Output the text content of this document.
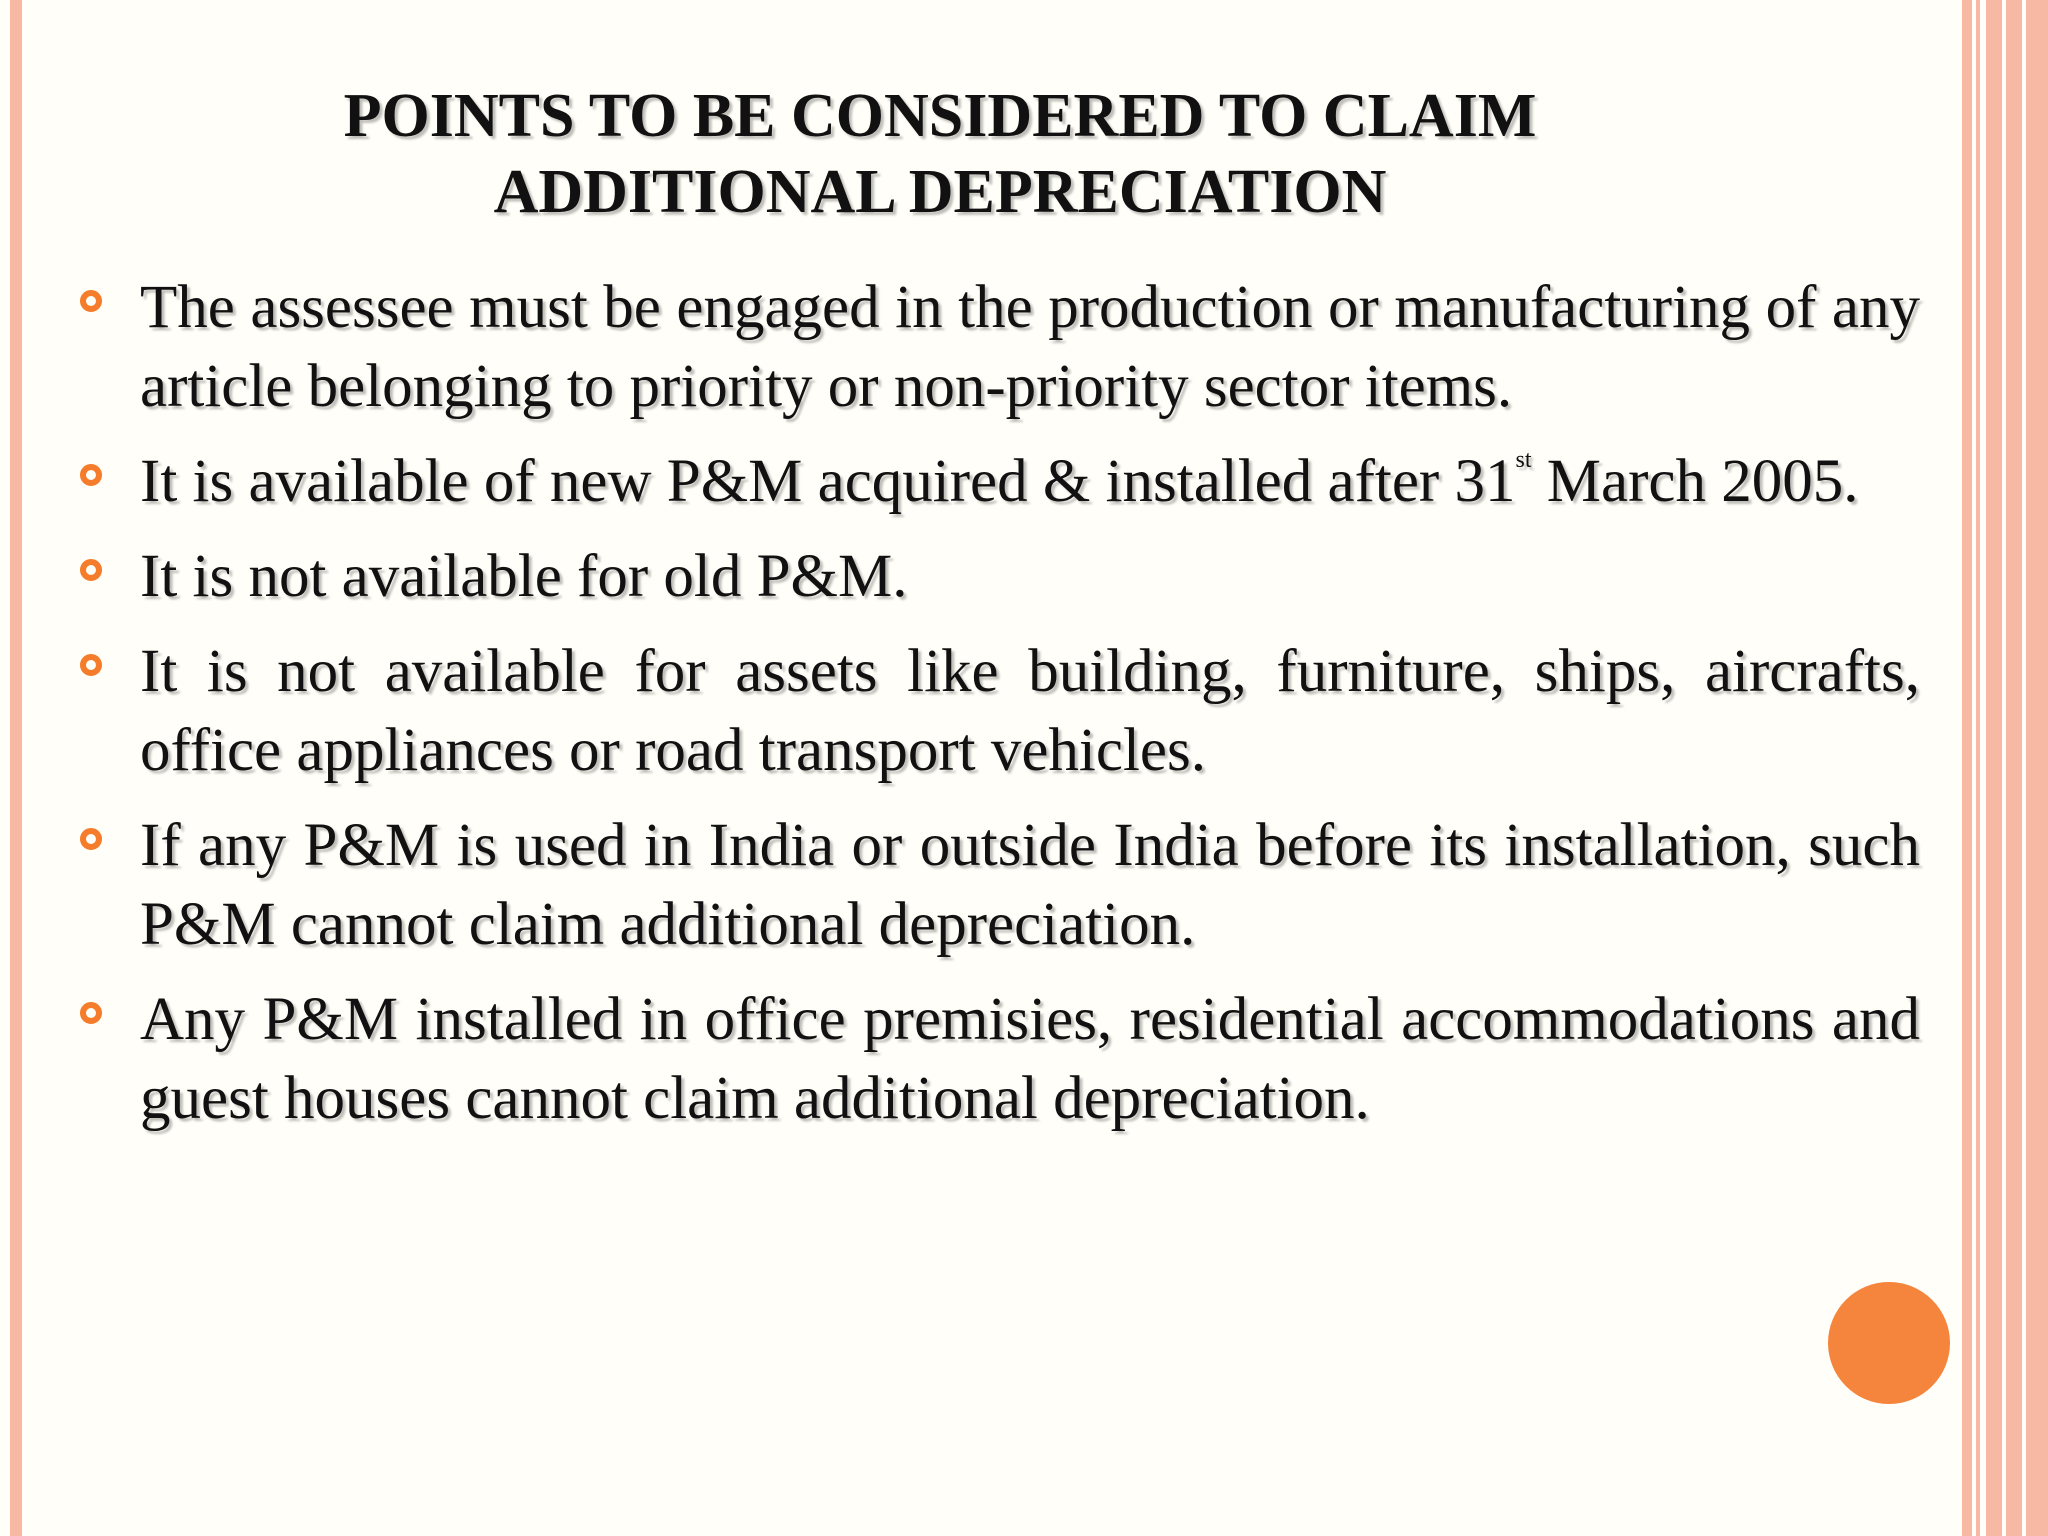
POINTS TO BE CONSIDERED TO CLAIM
ADDITIONAL DEPRECIATION
The assessee must be engaged in the production or manufacturing of any article belonging to priority or non-priority sector items.
It is available of new P&M acquired & installed after 31st March 2005.
It is not available for old P&M.
It is not available for assets like building, furniture, ships, aircrafts, office appliances or road transport vehicles.
If any P&M is used in India or outside India before its installation, such P&M cannot claim additional depreciation.
Any P&M installed in office premisies, residential accommodations and guest houses cannot claim additional depreciation.
